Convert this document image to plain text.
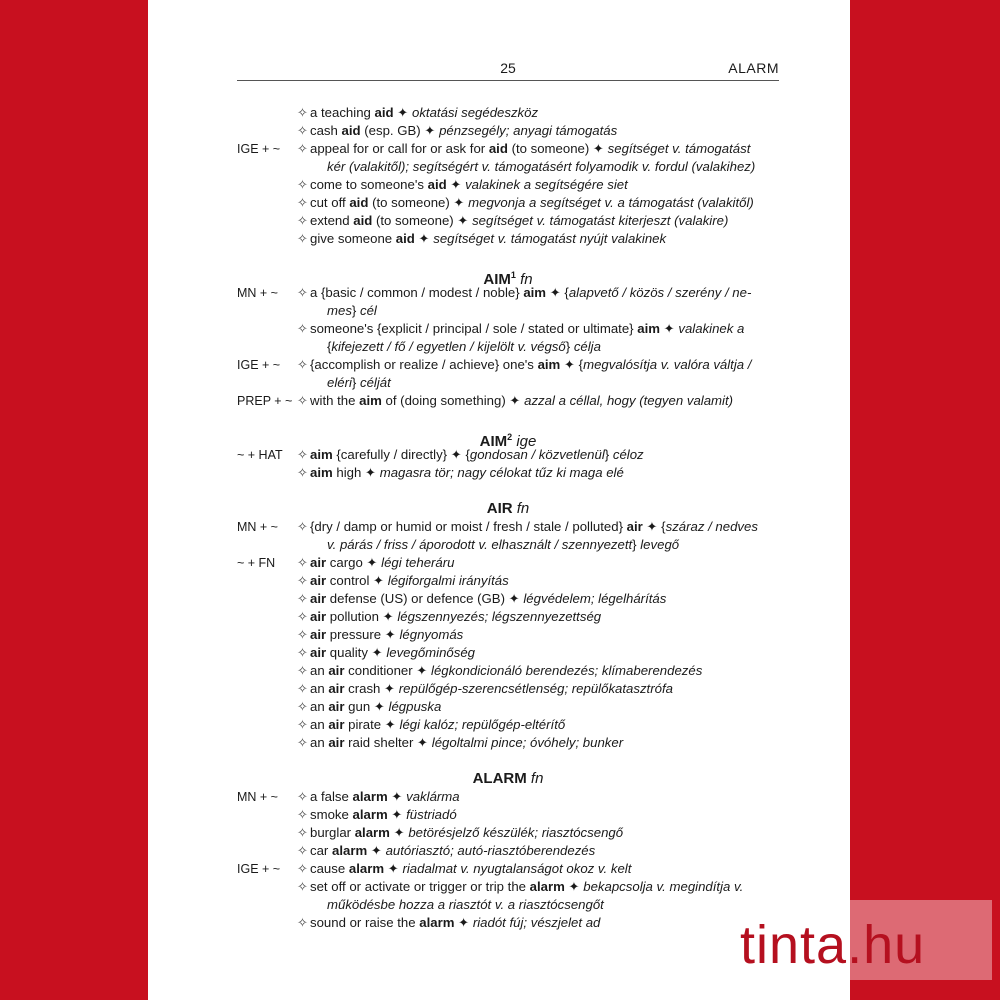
25	ALARM
✧ a teaching aid ✦ oktatási segédeszköz
✧ cash aid (esp. GB) ✦ pénzsegély; anyagi támogatás
IGE + ~	✧ appeal for or call for or ask for aid (to someone) ✦ segítséget v. támogatást
kér (valakitől); segítségért v. támogatásért folyamodik v. fordul (valakihez)
✧ come to someone's aid ✦ valakinek a segítségére siet
✧ cut off aid (to someone) ✦ megvonja a segítséget v. a támogatást (valakitől)
✧ extend aid (to someone) ✦ segítséget v. támogatást kiterjeszt (valakire)
✧ give someone aid ✦ segítséget v. támogatást nyújt valakinek
MN + ~	✧ a {basic / common / modest / noble} aim ✦ {alapvető / közös / szerény / ne-
mes} cél
✧ someone's {explicit / principal / sole / stated or ultimate} aim ✦ valakinek a
{kifejezett / fő / egyetlen / kijelölt v. végső} célja
IGE + ~	✧ {accomplish or realize / achieve} one's aim ✦ {megvalósítja v. valóra váltja /
eléri} célját
PREP + ~ ✧ with the aim of (doing something) ✦ azzal a céllal, hogy (tegyen valamit)
~ + HAT	✧ aim {carefully / directly} ✦ {gondosan / közvetlenül} céloz
✧ aim high ✦ magasra tör; nagy célokat tűz ki maga elé
MN + ~	✧ {dry / damp or humid or moist / fresh / stale / polluted} air ✦ {száraz / nedves
v. párás / friss / áporodott v. elhasznált / szennyezett} levegő
~ + FN	✧ air cargo ✦ légi teheráru
✧ air control ✦ légiforgalmi irányítás
✧ air defense (US) or defence (GB) ✦ légvédelem; légelhárítás
✧ air pollution ✦ légszennyezés; légszennyezettség
✧ air pressure ✦ légnyomás
✧ air quality ✦ levegőminőség
✧ an air conditioner ✦ légkondicionáló berendezés; klímaberendezés
✧ an air crash ✦ repülőgép-szerencsétlenség; repülőkatasztrófa
✧ an air gun ✦ légpuska
✧ an air pirate ✦ légi kalóz; repülőgép-eltérítő
✧ an air raid shelter ✦ légoltalmi pince; óvóhely; bunker
MN + ~	✧ a false alarm ✦ vaklárma
✧ smoke alarm ✦ füstriadó
✧ burglar alarm ✦ betörésjelző készülék; riasztócsengő
✧ car alarm ✦ autóriasztó; autó-riasztóberendezés
IGE + ~	✧ cause alarm ✦ riadalmat v. nyugtalanságot okoz v. kelt
✧ set off or activate or trigger or trip the alarm ✦ bekapcsolja v. megindítja v.
működésbe hozza a riasztót v. a riasztócsengőt
✧ sound or raise the alarm ✦ riadót fúj; vészjelet ad
AIM$^1$ fn
AIM$^2$ ige
AIR fn
ALARM fn
tinta.hu
